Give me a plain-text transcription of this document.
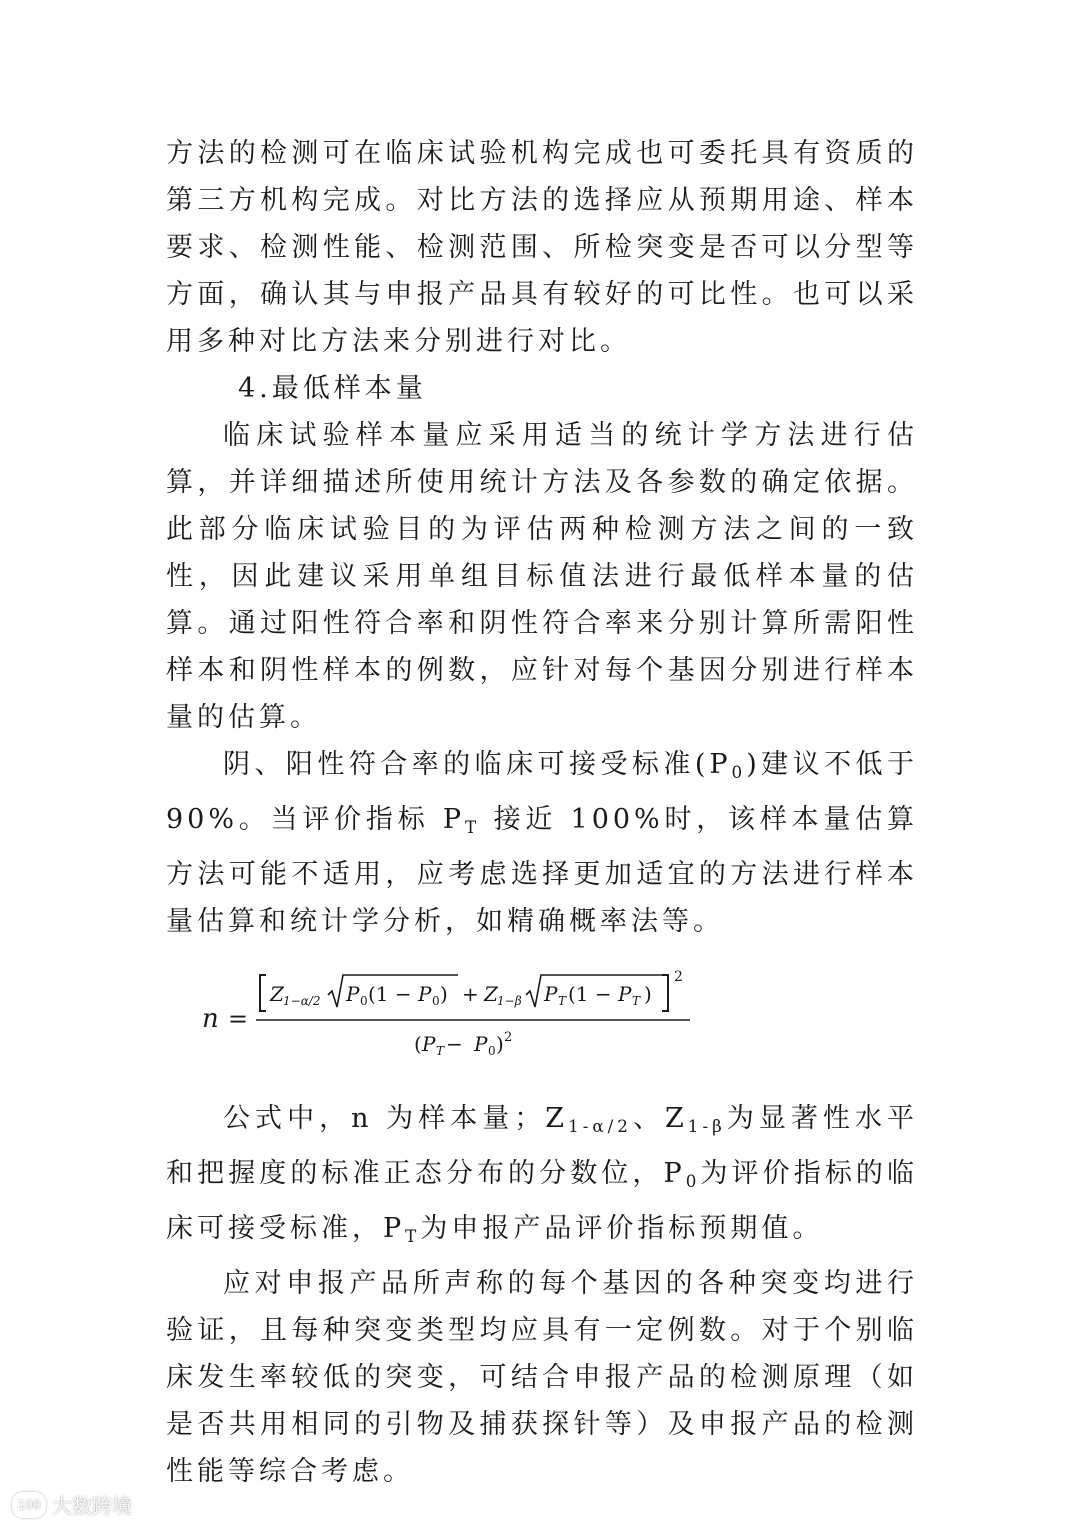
方法的检测可在临床试验机构完成也可委托具有资质的第三方机构完成。对比方法的选择应从预期用途、样本要求、检测性能、检测范围、所检突变是否可以分型等方面，确认其与申报产品具有较好的可比性。也可以采用多种对比方法来分别进行对比。

4.最低样本量

临床试验样本量应采用适当的统计学方法进行估算，并详细描述所使用统计方法及各参数的确定依据。此部分临床试验目的为评估两种检测方法之间的一致性，因此建议采用单组目标值法进行最低样本量的估算。通过阳性符合率和阴性符合率来分别计算所需阳性样本和阴性样本的例数，应针对每个基因分别进行样本量的估算。

阴、阳性符合率的临床可接受标准$(P_0)$建议不低于 90%。当评价指标 $P_T$ 接近 100%时，该样本量估算方法可能不适用，应考虑选择更加适宜的方法进行样本量估算和统计学分析，如精确概率法等。

n =
Z 1−α/2 P 0 (1 − P 0 ) + Z 1−β P T (1 − P T )
2
( P T − P 0 ) 2

公式中，n 为样本量；$Z_{1-\alpha/2}$、$Z_{1-\beta}$为显著性水平和把握度的标准正态分布的分数位，$P_0$为评价指标的临床可接受标准，$P_T$为申报产品评价指标预期值。

应对申报产品所声称的每个基因的各种突变均进行验证，且每种突变类型均应具有一定例数。对于个别临床发生率较低的突变，可结合申报产品的检测原理（如是否共用相同的引物及捕获探针等）及申报产品的检测性能等综合考虑。

100 大数跨境
